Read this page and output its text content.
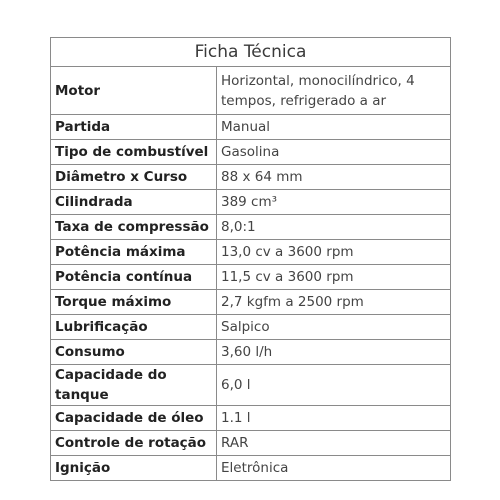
Ficha Técnica	
Motor	Horizontal, monocilíndrico, 4 tempos, refrigerado a ar
Partida	Manual
Tipo de combustível	Gasolina
Diâmetro x Curso	88 x 64 mm
Cilindrada	389 cm³
Taxa de compressão	8,0:1
Potência máxima	13,0 cv a 3600 rpm
Potência contínua	11,5 cv a 3600 rpm
Torque máximo	2,7 kgfm a 2500 rpm
Lubrificação	Salpico
Consumo	3,60 l/h
Capacidade do tanque	6,0 l
Capacidade de óleo	1.1 l
Controle de rotação	RAR
Ignição	Eletrônica
